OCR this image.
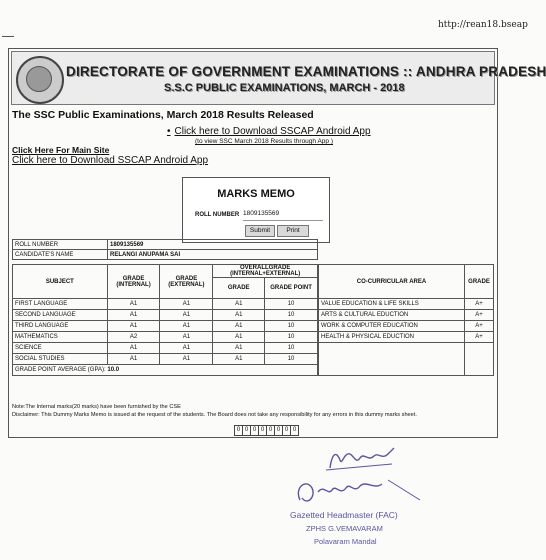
http://rean18.bseap
DIRECTORATE OF GOVERNMENT EXAMINATIONS :: ANDHRA PRADESH
S.S.C PUBLIC EXAMINATIONS, MARCH - 2018
The SSC Public Examinations, March 2018 Results Released
• Click here to Download SSCAP Android App
(to view SSC March 2018 Results through App )
Click Here For Main Site
Click here to Download SSCAP Android App
MARKS MEMO
ROLL NUMBER 1809135569
Submit	Print
ROLL NUMBER	1809135569
CANDIDATE'S NAME	RELANGI ANUPAMA SAI
SUBJECT	GRADE (INTERNAL)	GRADE (EXTERNAL)	OVERALLGRADE (INTERNAL+EXTERNAL)	
			GRADE	GRADE POINT
FIRST LANGUAGE	A1	A1	A1	10
SECOND LANGUAGE	A1	A1	A1	10
THIRD LANGUAGE	A1	A1	A1	10
MATHEMATICS	A2	A1	A1	10
SCIENCE	A1	A1	A1	10
SOCIAL STUDIES	A1	A1	A1	10
GRADE POINT AVERAGE (GPA): 10.0				
CO-CURRICULAR AREA	GRADE
VALUE EDUCATION & LIFE SKILLS	A+
ARTS & CULTURAL EDUCTION	A+
WORK & COMPUTER EDUCATION	A+
HEALTH & PHYSICAL EDUCTION	A+

Note:The Internal marks(20 marks) have been furnished by the CSE
Disclaimer: This Dummy Marks Memo is issued at the request of the students. The Board does not take any responsibility for any errors in this dummy marks sheet.
0 0 0 0 0 0 0 0
Gazetted Headmaster (FAC)
ZPHS G.VEMAVARAM
Polavaram Mandal
